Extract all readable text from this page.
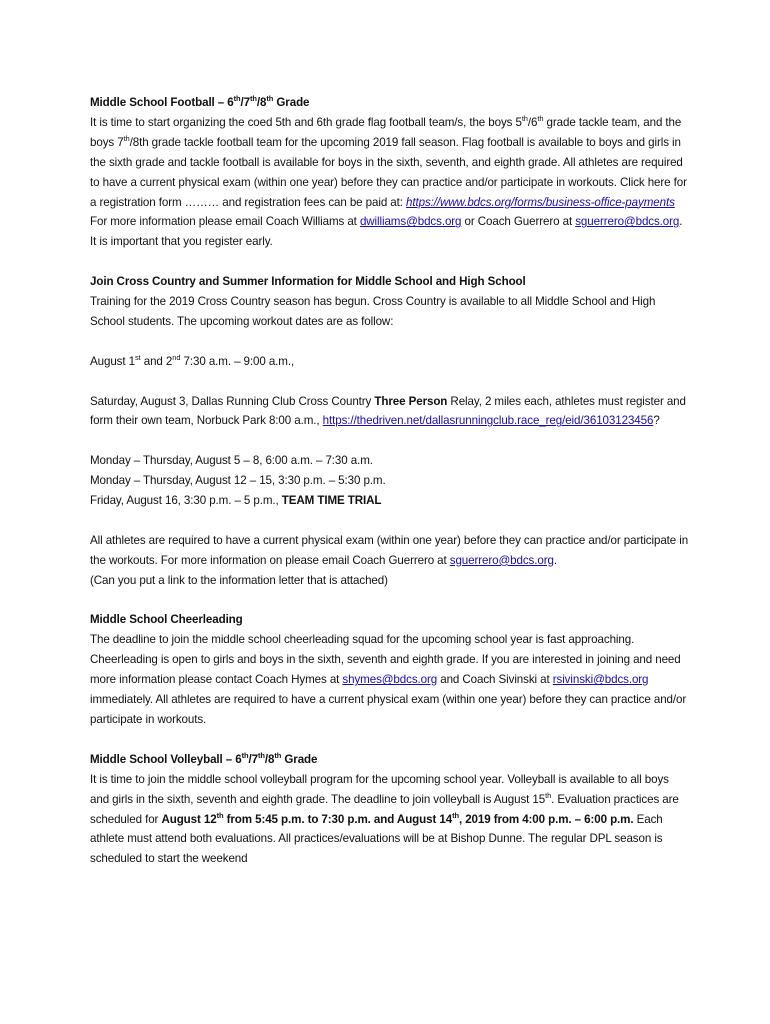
Middle School Football – 6th/7th/8th Grade

It is time to start organizing the coed 5th and 6th grade flag football team/s, the boys 5th/6th grade tackle team, and the boys 7th/8th grade tackle football team for the upcoming 2019 fall season. Flag football is available to boys and girls in the sixth grade and tackle football is available for boys in the sixth, seventh, and eighth grade. All athletes are required to have a current physical exam (within one year) before they can practice and/or participate in workouts. Click here for a registration form ……… and registration fees can be paid at: https://www.bdcs.org/forms/business-office-payments

For more information please email Coach Williams at dwilliams@bdcs.org or Coach Guerrero at sguerrero@bdcs.org. It is important that you register early.

Join Cross Country and Summer Information for Middle School and High School

Training for the 2019 Cross Country season has begun. Cross Country is available to all Middle School and High School students. The upcoming workout dates are as follow:

August 1st and 2nd 7:30 a.m. – 9:00 a.m.,

Saturday, August 3, Dallas Running Club Cross Country Three Person Relay, 2 miles each, athletes must register and form their own team, Norbuck Park 8:00 a.m., https://thedriven.net/dallasrunningclub.race_reg/eid/36103123456?

Monday – Thursday, August 5 – 8, 6:00 a.m. – 7:30 a.m.

Monday – Thursday, August 12 – 15, 3:30 p.m. – 5:30 p.m.

Friday, August 16, 3:30 p.m. – 5 p.m., TEAM TIME TRIAL

All athletes are required to have a current physical exam (within one year) before they can practice and/or participate in the workouts. For more information on please email Coach Guerrero at sguerrero@bdcs.org.

(Can you put a link to the information letter that is attached)

Middle School Cheerleading

The deadline to join the middle school cheerleading squad for the upcoming school year is fast approaching. Cheerleading is open to girls and boys in the sixth, seventh and eighth grade. If you are interested in joining and need more information please contact Coach Hymes at shymes@bdcs.org and Coach Sivinski at rsivinski@bdcs.org immediately. All athletes are required to have a current physical exam (within one year) before they can practice and/or participate in workouts.

Middle School Volleyball – 6th/7th/8th Grade

It is time to join the middle school volleyball program for the upcoming school year. Volleyball is available to all boys and girls in the sixth, seventh and eighth grade. The deadline to join volleyball is August 15th. Evaluation practices are scheduled for August 12th from 5:45 p.m. to 7:30 p.m. and August 14th, 2019 from 4:00 p.m. – 6:00 p.m. Each athlete must attend both evaluations. All practices/evaluations will be at Bishop Dunne. The regular DPL season is scheduled to start the weekend
